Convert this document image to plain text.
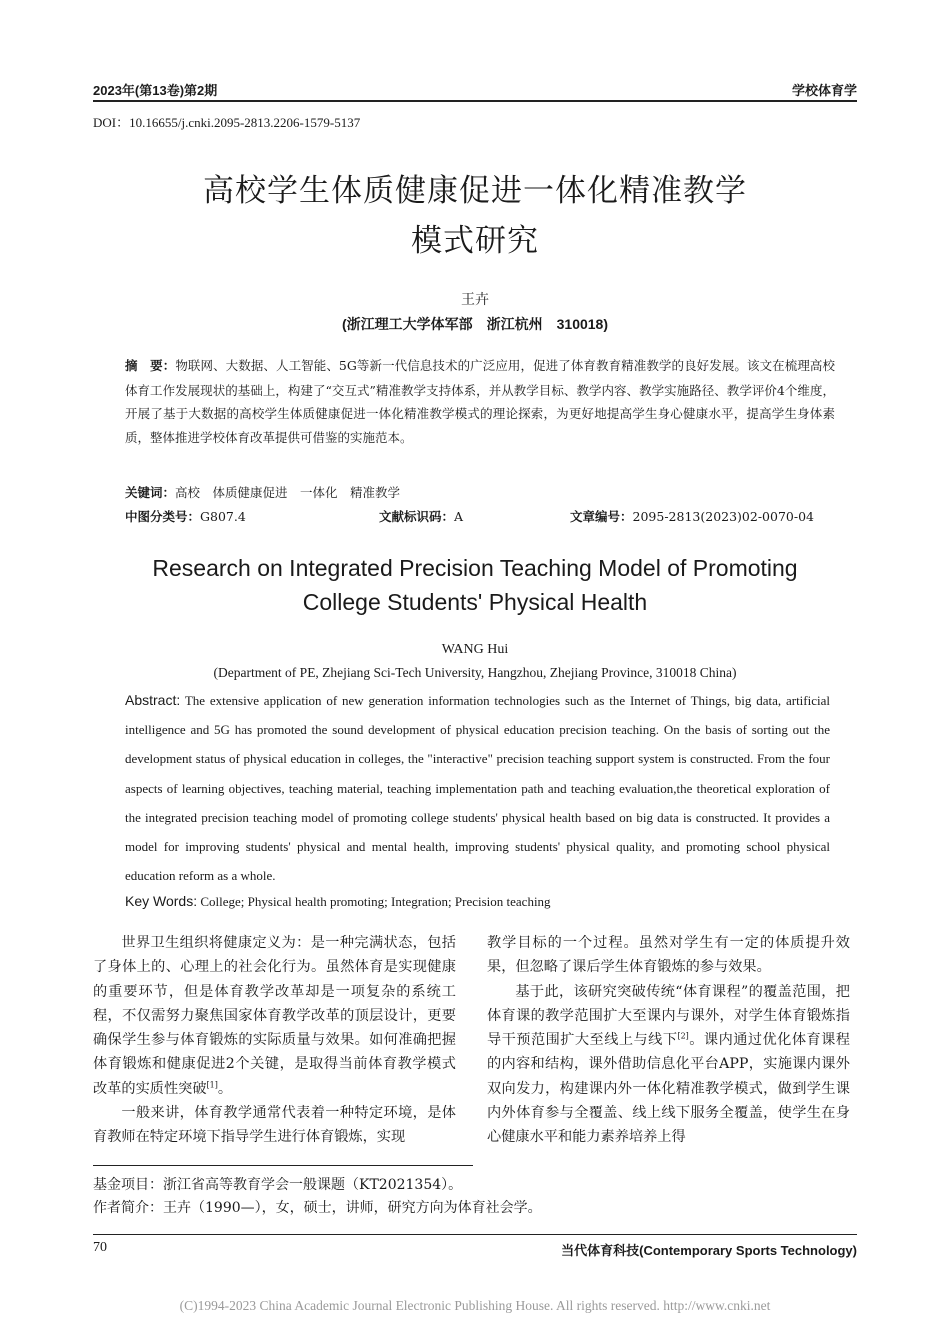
2023年(第13卷)第2期	学校体育学
DOI：10.16655/j.cnki.2095-2813.2206-1579-5137
高校学生体质健康促进一体化精准教学
模式研究
王卉
(浙江理工大学体军部　浙江杭州　310018)
摘　要：物联网、大数据、人工智能、5G等新一代信息技术的广泛应用，促进了体育教育精准教学的良好发展。该文在梳理高校体育工作发展现状的基础上，构建了“交互式”精准教学支持体系，并从教学目标、教学内容、教学实施路径、教学评价4个维度，开展了基于大数据的高校学生体质健康促进一体化精准教学模式的理论探索，为更好地提高学生身心健康水平，提高学生身体素质，整体推进学校体育改革提供可借鉴的实施范本。
关键词：高校　体质健康促进　一体化　精准教学
中图分类号：G807.4	文献标识码：A	文章编号：2095-2813(2023)02-0070-04
Research on Integrated Precision Teaching Model of Promoting
College Students' Physical Health
WANG Hui
(Department of PE, Zhejiang Sci-Tech University, Hangzhou, Zhejiang Province, 310018 China)
Abstract: The extensive application of new generation information technologies such as the Internet of Things, big data, artificial intelligence and 5G has promoted the sound development of physical education precision teaching. On the basis of sorting out the development status of physical education in colleges, the "interactive" precision teaching support system is constructed. From the four aspects of learning objectives, teaching material, teaching implementation path and teaching evaluation,the theoretical exploration of the integrated precision teaching model of promoting college students' physical health based on big data is constructed. It provides a model for improving students' physical and mental health, improving students' physical quality, and promoting school physical education reform as a whole.
Key Words: College; Physical health promoting; Integration; Precision teaching

世界卫生组织将健康定义为：是一种完满状态，包括了身体上的、心理上的社会化行为。虽然体育是实现健康的重要环节，但是体育教学改革却是一项复杂的系统工程，不仅需努力聚焦国家体育教学改革的顶层设计，更要确保学生参与体育锻炼的实际质量与效果。如何准确把握体育锻炼和健康促进2个关键，是取得当前体育教学模式改革的实质性突破[1]。

一般来讲，体育教学通常代表着一种特定环境，是体育教师在特定环境下指导学生进行体育锻炼，实现

教学目标的一个过程。虽然对学生有一定的体质提升效果，但忽略了课后学生体育锻炼的参与效果。

基于此，该研究突破传统“体育课程”的覆盖范围，把体育课的教学范围扩大至课内与课外，对学生体育锻炼指导干预范围扩大至线上与线下[2]。课内通过优化体育课程的内容和结构，课外借助信息化平台APP，实施课内课外双向发力，构建课内外一体化精准教学模式，做到学生课内外体育参与全覆盖、线上线下服务全覆盖，使学生在身心健康水平和能力素养培养上得

基金项目：浙江省高等教育学会一般课题（KT2021354）。
作者简介：王卉（1990—），女，硕士，讲师，研究方向为体育社会学。
70	当代体育科技(Contemporary Sports Technology)
(C)1994-2023 China Academic Journal Electronic Publishing House. All rights reserved. http://www.cnki.net
